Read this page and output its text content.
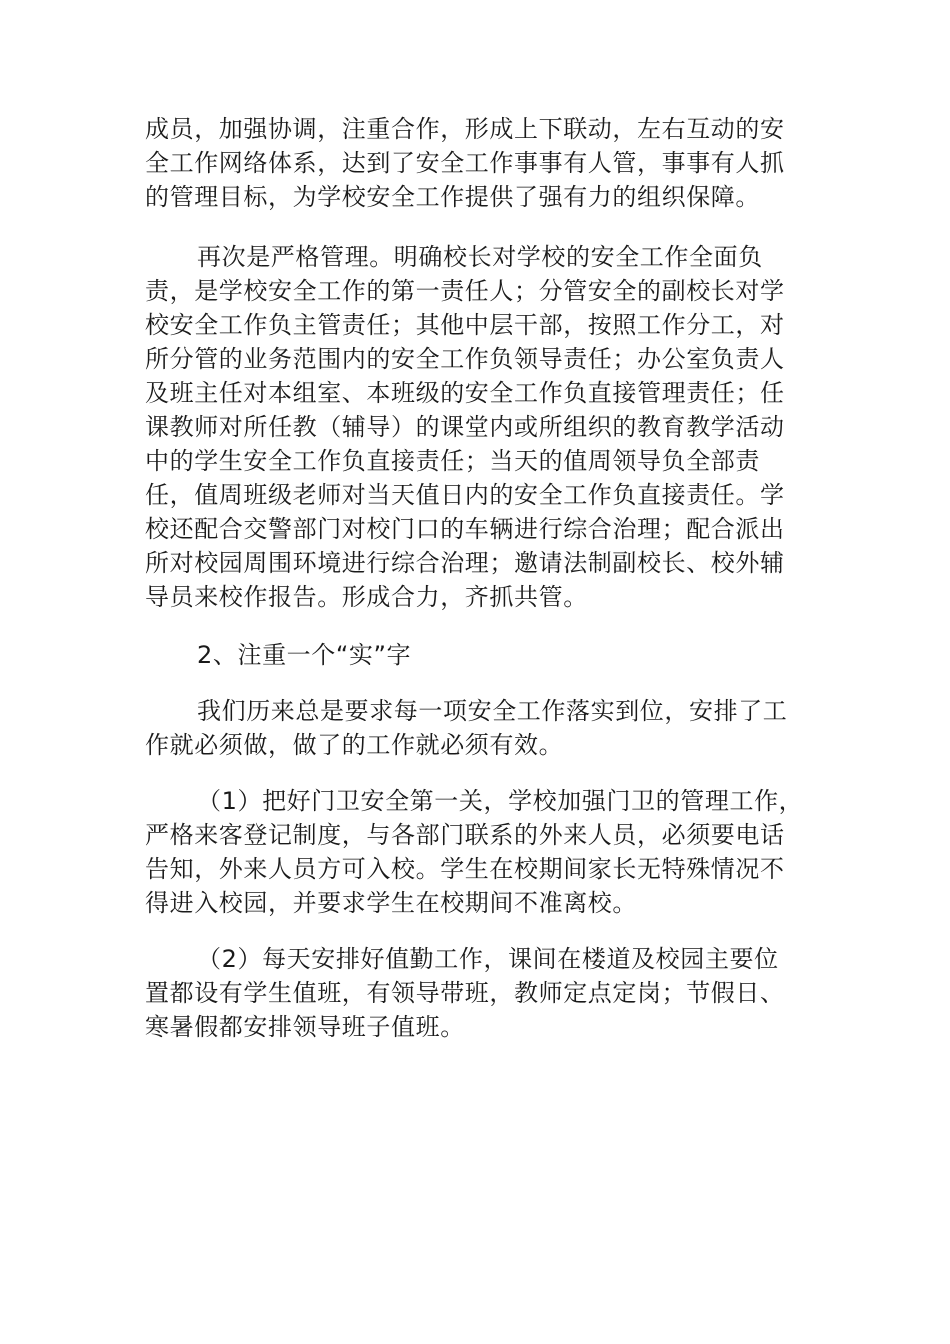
成员，加强协调，注重合作，形成上下联动，左右互动的安
全工作网络体系，达到了安全工作事事有人管，事事有人抓
的管理目标，为学校安全工作提供了强有力的组织保障。

再次是严格管理。明确校长对学校的安全工作全面负
责，是学校安全工作的第一责任人；分管安全的副校长对学
校安全工作负主管责任；其他中层干部，按照工作分工，对
所分管的业务范围内的安全工作负领导责任；办公室负责人
及班主任对本组室、本班级的安全工作负直接管理责任；任
课教师对所任教（辅导）的课堂内或所组织的教育教学活动
中的学生安全工作负直接责任；当天的值周领导负全部责
任，值周班级老师对当天值日内的安全工作负直接责任。学
校还配合交警部门对校门口的车辆进行综合治理；配合派出
所对校园周围环境进行综合治理；邀请法制副校长、校外辅
导员来校作报告。形成合力，齐抓共管。

2、注重一个“实”字

我们历来总是要求每一项安全工作落实到位，安排了工
作就必须做，做了的工作就必须有效。

（1）把好门卫安全第一关，学校加强门卫的管理工作，
严格来客登记制度，与各部门联系的外来人员，必须要电话
告知，外来人员方可入校。学生在校期间家长无特殊情况不
得进入校园，并要求学生在校期间不准离校。

（2）每天安排好值勤工作，课间在楼道及校园主要位
置都设有学生值班，有领导带班，教师定点定岗；节假日、
寒暑假都安排领导班子值班。
